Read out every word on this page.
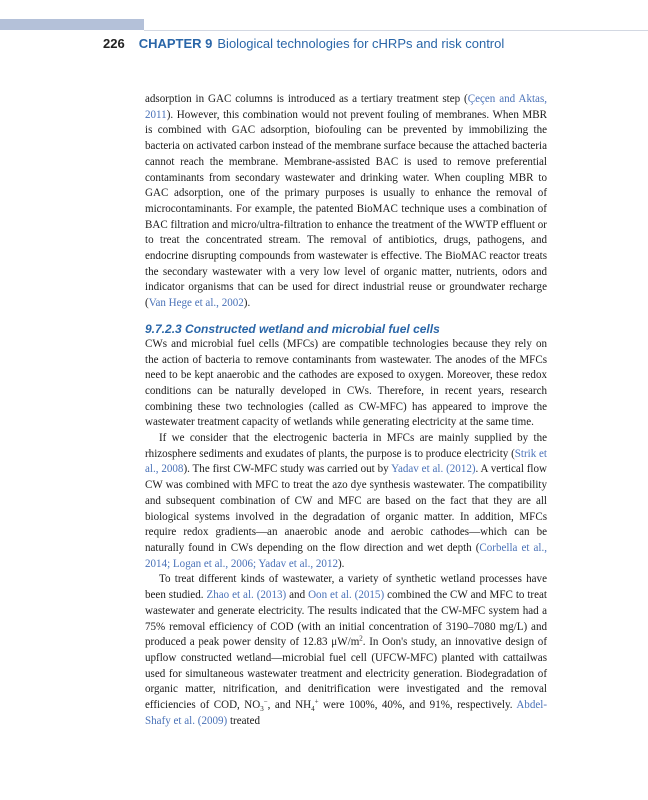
226 CHAPTER 9 Biological technologies for cHRPs and risk control

adsorption in GAC columns is introduced as a tertiary treatment step (Çeçen and Aktas, 2011). However, this combination would not prevent fouling of membranes. When MBR is combined with GAC adsorption, biofouling can be prevented by immobilizing the bacteria on activated carbon instead of the membrane surface because the attached bacteria cannot reach the membrane. Membrane-assisted BAC is used to remove preferential contaminants from secondary wastewater and drinking water. When coupling MBR to GAC adsorption, one of the primary purposes is usually to enhance the removal of microcontaminants. For example, the patented BioMAC technique uses a combination of BAC filtration and micro/ultra-filtration to enhance the treatment of the WWTP effluent or to treat the concentrated stream. The removal of antibiotics, drugs, pathogens, and endocrine disrupting compounds from wastewater is effective. The BioMAC reactor treats the secondary wastewater with a very low level of organic matter, nutrients, odors and indicator organisms that can be used for direct industrial reuse or groundwater recharge (Van Hege et al., 2002).

9.7.2.3 Constructed wetland and microbial fuel cells

CWs and microbial fuel cells (MFCs) are compatible technologies because they rely on the action of bacteria to remove contaminants from wastewater. The anodes of the MFCs need to be kept anaerobic and the cathodes are exposed to oxygen. Moreover, these redox conditions can be naturally developed in CWs. Therefore, in recent years, research combining these two technologies (called as CW-MFC) has appeared to improve the wastewater treatment capacity of wetlands while generating electricity at the same time.

If we consider that the electrogenic bacteria in MFCs are mainly supplied by the rhizosphere sediments and exudates of plants, the purpose is to produce electricity (Strik et al., 2008). The first CW-MFC study was carried out by Yadav et al. (2012). A vertical flow CW was combined with MFC to treat the azo dye synthesis wastewater. The compatibility and subsequent combination of CW and MFC are based on the fact that they are all biological systems involved in the degradation of organic matter. In addition, MFCs require redox gradients—an anaerobic anode and aerobic cathodes—which can be naturally found in CWs depending on the flow direction and wet depth (Corbella et al., 2014; Logan et al., 2006; Yadav et al., 2012).

To treat different kinds of wastewater, a variety of synthetic wetland processes have been studied. Zhao et al. (2013) and Oon et al. (2015) combined the CW and MFC to treat wastewater and generate electricity. The results indicated that the CW-MFC system had a 75% removal efficiency of COD (with an initial concentration of 3190–7080 mg/L) and produced a peak power density of 12.83 $\mu W/m^2$. In Oon's study, an innovative design of upflow constructed wetland—microbial fuel cell (UFCW-MFC) planted with cattailwas used for simultaneous wastewater treatment and electricity generation. Biodegradation of organic matter, nitrification, and denitrification were investigated and the removal efficiencies of COD, $NO_3^-$, and $NH_4^+$ were 100%, 40%, and 91%, respectively. Abdel-Shafy et al. (2009) treated
